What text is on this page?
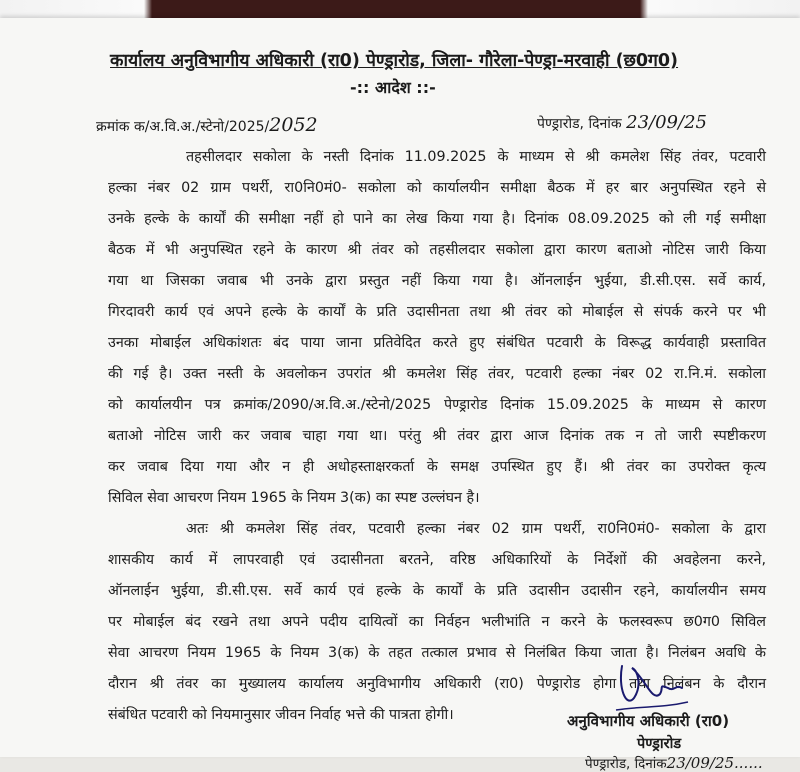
कार्यालय अनुविभागीय अधिकारी (रा0) पेण्ड्रारोड, जिला- गौरेला-पेण्ड्रा-मरवाही (छ0ग0)
-:: आदेश ::-
क्रमांक क/अ.वि.अ./स्टेनो/2025/2052	पेण्ड्रारोड, दिनांक 23/09/25
तहसीलदार सकोला के नस्ती दिनांक 11.09.2025 के माध्यम से श्री कमलेश सिंह तंवर, पटवारी
हल्का नंबर 02 ग्राम पथर्री, रा0नि0मं0- सकोला को कार्यालयीन समीक्षा बैठक में हर बार अनुपस्थित रहने से
उनके हल्के के कार्यों की समीक्षा नहीं हो पाने का लेख किया गया है। दिनांक 08.09.2025 को ली गई समीक्षा
बैठक में भी अनुपस्थित रहने के कारण श्री तंवर को तहसीलदार सकोला द्वारा कारण बताओ नोटिस जारी किया
गया था जिसका जवाब भी उनके द्वारा प्रस्तुत नहीं किया गया है। ऑनलाईन भुईया, डी.सी.एस. सर्वे कार्य,
गिरदावरी कार्य एवं अपने हल्के के कार्यों के प्रति उदासीनता तथा श्री तंवर को मोबाईल से संपर्क करने पर भी
उनका मोबाईल अधिकांशतः बंद पाया जाना प्रतिवेदित करते हुए संबंधित पटवारी के विरूद्ध कार्यवाही प्रस्तावित
की गई है। उक्त नस्ती के अवलोकन उपरांत श्री कमलेश सिंह तंवर, पटवारी हल्का नंबर 02 रा.नि.मं. सकोला
को कार्यालयीन पत्र क्रमांक/2090/अ.वि.अ./स्टेनो/2025 पेण्ड्रारोड दिनांक 15.09.2025 के माध्यम से कारण
बताओ नोटिस जारी कर जवाब चाहा गया था। परंतु श्री तंवर द्वारा आज दिनांक तक न तो जारी स्पष्टीकरण
कर जवाब दिया गया और न ही अधोहस्ताक्षरकर्ता के समक्ष उपस्थित हुए हैं। श्री तंवर का उपरोक्त कृत्य
सिविल सेवा आचरण नियम 1965 के नियम 3(क) का स्पष्ट उल्लंघन है।
अतः श्री कमलेश सिंह तंवर, पटवारी हल्का नंबर 02 ग्राम पथर्री, रा0नि0मं0- सकोला के द्वारा
शासकीय कार्य में लापरवाही एवं उदासीनता बरतने, वरिष्ठ अधिकारियों के निर्देशों की अवहेलना करने,
ऑनलाईन भुईया, डी.सी.एस. सर्वे कार्य एवं हल्के के कार्यों के प्रति उदासीन उदासीन रहने, कार्यालयीन समय
पर मोबाईल बंद रखने तथा अपने पदीय दायित्वों का निर्वहन भलीभांति न करने के फलस्वरूप छ0ग0 सिविल
सेवा आचरण नियम 1965 के नियम 3(क) के तहत तत्काल प्रभाव से निलंबित किया जाता है। निलंबन अवधि के
दौरान श्री तंवर का मुख्यालय कार्यालय अनुविभागीय अधिकारी (रा0) पेण्ड्रारोड होगा तथा निलंबन के दौरान
संबंधित पटवारी को नियमानुसार जीवन निर्वाह भत्ते की पात्रता होगी।	अनुविभागीय अधिकारी (रा0)
पेण्ड्रारोड
पेण्ड्रारोड, दिनांक23/09/25......
